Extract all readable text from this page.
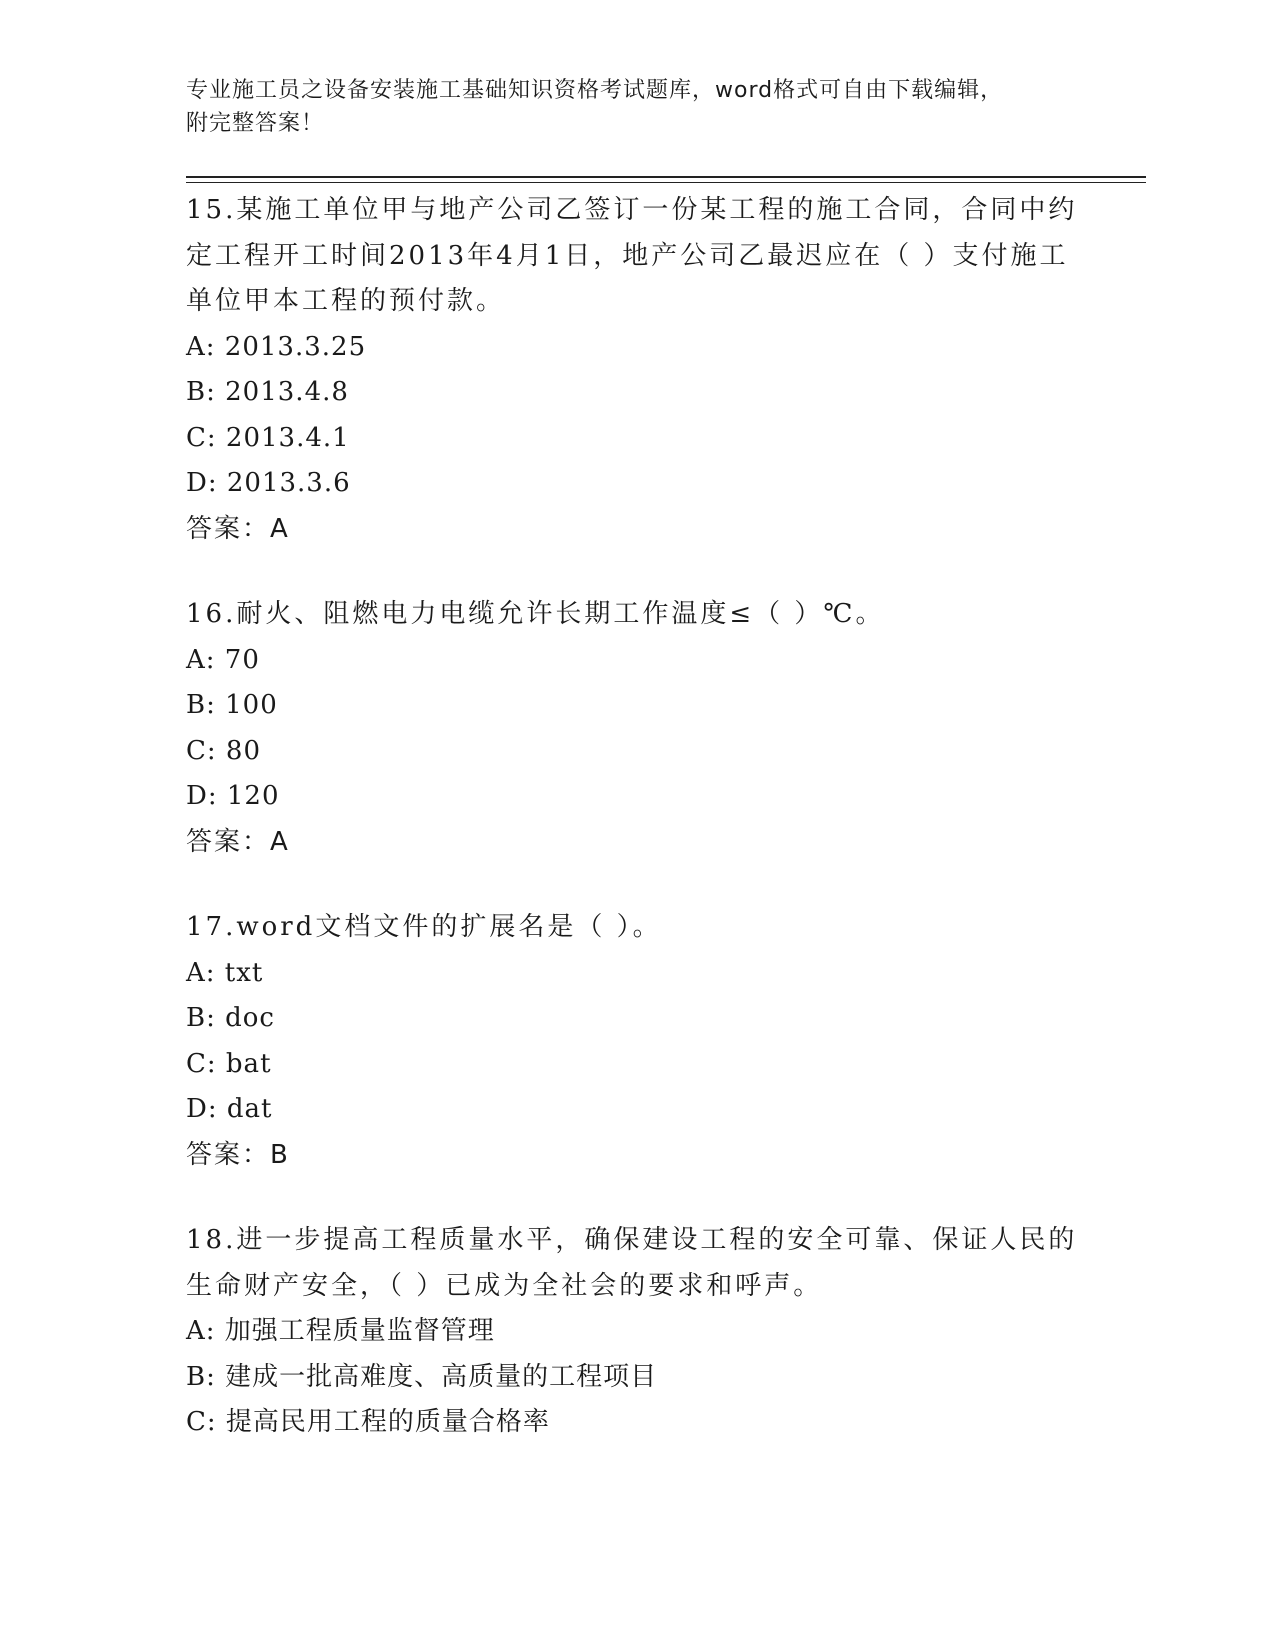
专业施工员之设备安装施工基础知识资格考试题库，word格式可自由下载编辑，
附完整答案！

15.某施工单位甲与地产公司乙签订一份某工程的施工合同，合同中约定工程开工时间2013年4月1日，地产公司乙最迟应在（ ）支付施工单位甲本工程的预付款。

A: 2013.3.25

B: 2013.4.8

C: 2013.4.1

D: 2013.3.6

答案：A

16.耐火、阻燃电力电缆允许长期工作温度≤（ ）℃。

A: 70

B: 100

C: 80

D: 120

答案：A

17.word文档文件的扩展名是（ ）。

A: txt

B: doc

C: bat

D: dat

答案：B

18.进一步提高工程质量水平，确保建设工程的安全可靠、保证人民的生命财产安全，（ ）已成为全社会的要求和呼声。

A: 加强工程质量监督管理

B: 建成一批高难度、高质量的工程项目

C: 提高民用工程的质量合格率
